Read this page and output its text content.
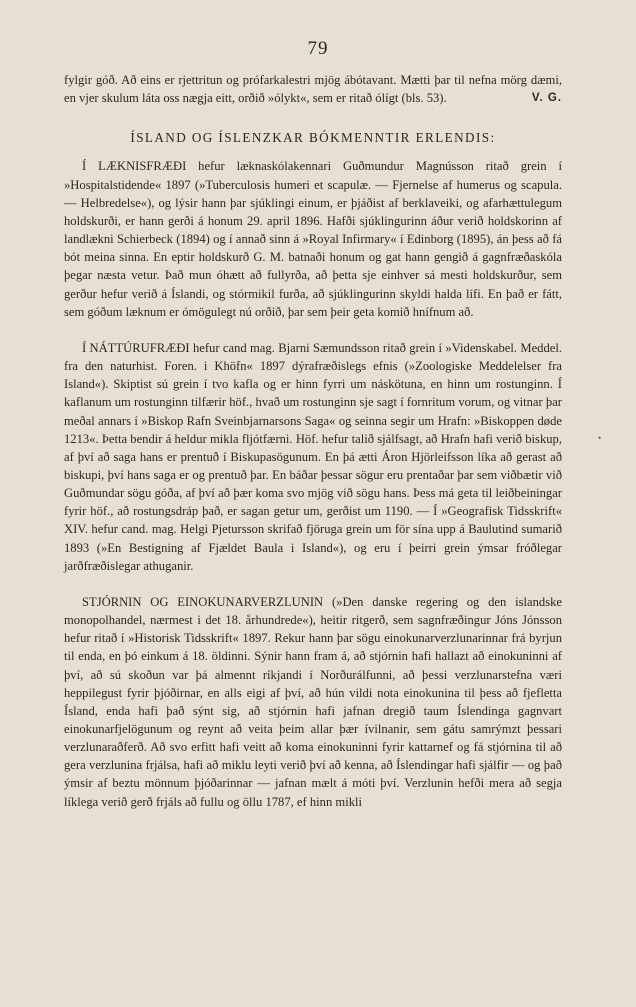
79

fylgir góð. Að eins er rjettritun og prófarkalestri mjög ábótavant. Mætti þar til nefna mörg dæmi, en vjer skulum láta oss nægja eitt, orðið »ólykt«, sem er ritað ólígt (bls. 53).	V. G.

ÍSLAND OG ÍSLENZKAR BÓKMENNTIR ERLENDIS:

Í LÆKNISFRÆÐI hefur læknaskólakennari Guðmundur Magnússon ritað grein í »Hospitalstidende« 1897 (»Tuberculosis humeri et scapulæ. — Fjernelse af humerus og scapula. — Helbredelse«), og lýsir hann þar sjúklingi einum, er þjáðist af berklaveiki, og afarhættulegum holdskurði, er hann gerði á honum 29. april 1896. Hafði sjúklingurinn áður verið holdskorinn af landlækni Schierbeck (1894) og í annað sinn á »Royal Infirmary« í Edinborg (1895), án þess að fá bót meina sinna. En eptir holdskurð G. M. batnaði honum og gat hann gengið á gagnfræðaskóla þegar næsta vetur. Það mun óhætt að fullyrða, að þetta sje einhver sá mesti holdskurður, sem gerður hefur verið á Íslandi, og stórmikil furða, að sjúklingurinn skyldi halda lífi. En það er fátt, sem góðum læknum er ómögulegt nú orðið, þar sem þeir geta komið hnífnum að.

Í NÁTTÚRUFRÆÐI hefur cand mag. Bjarni Sæmundsson ritað grein í »Videnskabel. Meddel. fra den naturhist. Foren. i Khöfn« 1897 dýrafræðislegs efnis (»Zoologiske Meddelelser fra Island«). Skiptist sú grein í tvo kafla og er hinn fyrri um náskötuna, en hinn um rostunginn. Í kaflanum um rostunginn tilfærir höf., hvað um rostunginn sje sagt í fornritum vorum, og vitnar þar meðal annars í »Biskop Rafn Sveinbjarnarsons Saga« og seinna segir um Hrafn: »Biskoppen døde 1213«. Þetta bendir á heldur mikla fljótfærni. Höf. hefur talið sjálfsagt, að Hrafn hafi verið biskup, af því að saga hans er prentuð í Biskupasögunum. En þá ætti Áron Hjörleifsson líka að gerast að biskupi, því hans saga er og prentuð þar. En báðar þessar sögur eru prentaðar þar sem viðbætir við Guðmundar sögu góða, af því að þær koma svo mjög við sögu hans. Þess má geta til leiðbeiningar fyrir höf., að rostungsdráp það, er sagan getur um, gerðist um 1190. — Í »Geografisk Tidsskrift« XIV. hefur cand. mag. Helgi Pjetursson skrifað fjöruga grein um för sína upp á Baulutind sumarið 1893 (»En Bestigning af Fjældet Baula i Island«), og eru í þeirri grein ýmsar fróðlegar jarðfræðislegar athuganir.

STJÓRNIN OG EINOKUNARVERZLUNIN (»Den danske regering og den islandske monopolhandel, nærmest i det 18. århundrede«), heitir ritgerð, sem sagnfræðingur Jóns Jónsson hefur ritað í »Historisk Tidsskrift« 1897. Rekur hann þar sögu einokunarverzlunarinnar frá byrjun til enda, en þó einkum á 18. öldinni. Sýnir hann fram á, að stjórnin hafi hallazt að einokuninni af því, að sú skoðun var þá almennt ríkjandi í Norðurálfunni, að þessi verzlunarstefna væri heppilegust fyrir þjóðirnar, en alls eigi af því, að hún vildi nota einokunina til þess að fjeflettа Ísland, enda hafi það sýnt sig, að stjórnin hafi jafnan dregið taum Íslendinga gagnvart einokunarfjelögunum og reynt að veita þeim allar þær ívilnanir, sem gátu samrýmzt þessari verzlunaraðferð. Að svo erfitt hafi veitt að koma einokuninni fyrir kattarnef og fá stjórnina til að gera verzlunina frjálsa, hafi að miklu leyti verið því að kenna, að Íslendingar hafi sjálfir — og það ýmsir af beztu mönnum þjóðarinnar — jafnan mælt á móti því. Verzlunin hefði mera að segja líklega verið gerð frjáls að fullu og öllu 1787, ef hinn mikli

•
